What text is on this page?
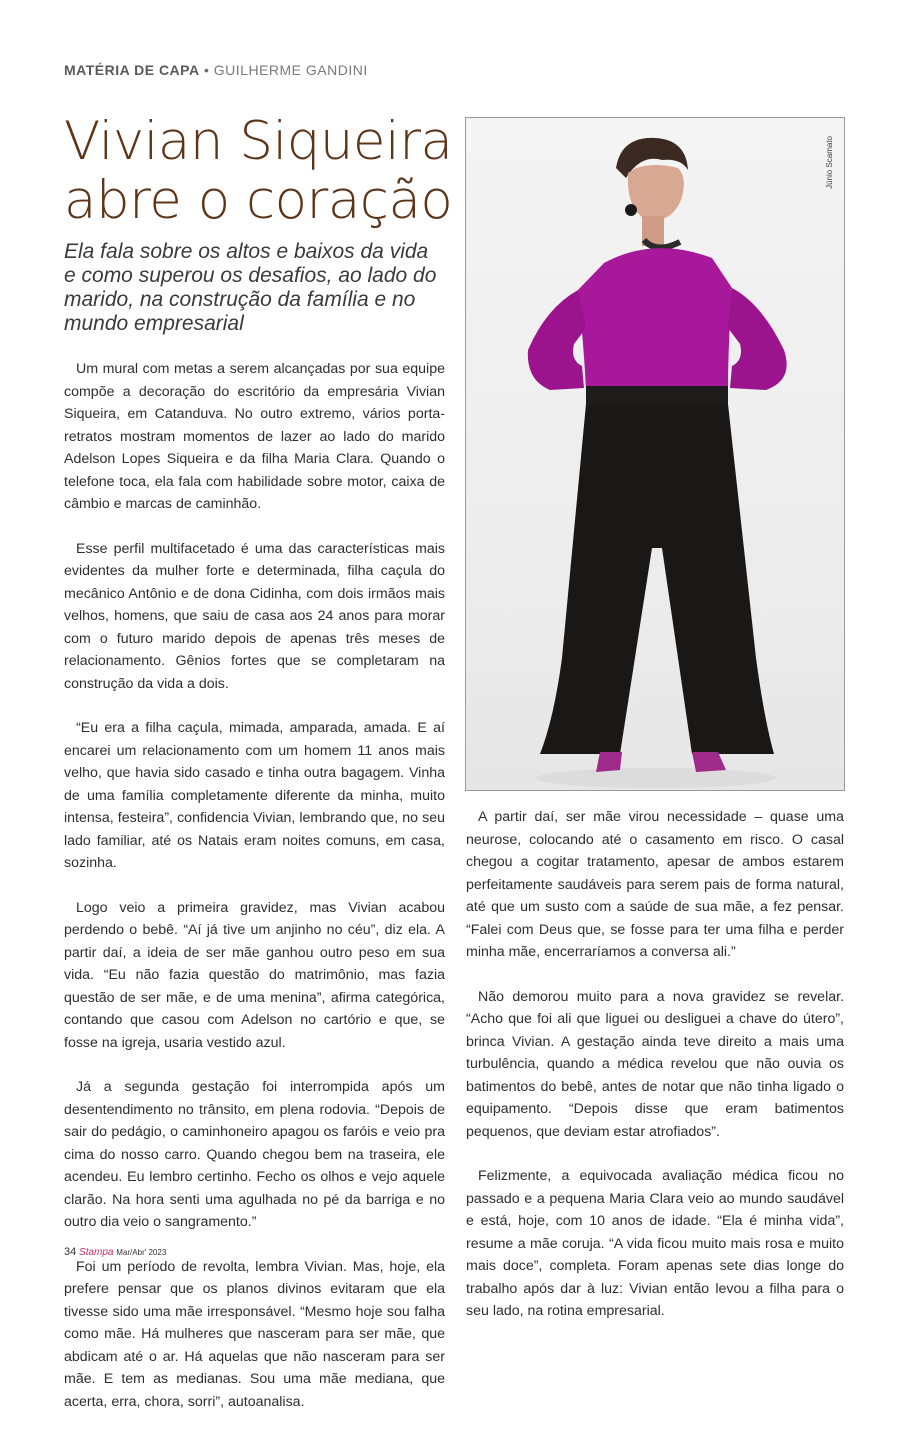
MATÉRIA DE CAPA • GUILHERME GANDINI
Vivian Siqueira
abre o coração

Ela fala sobre os altos e baixos da vida e como superou os desafios, ao lado do marido, na construção da família e no mundo empresarial

Um mural com metas a serem alcançadas por sua equipe compõe a decoração do escritório da empresária Vivian Siqueira, em Catanduva. No outro extremo, vários porta-retratos mostram momentos de lazer ao lado do marido Adelson Lopes Siqueira e da filha Maria Clara. Quando o telefone toca, ela fala com habilidade sobre motor, caixa de câmbio e marcas de caminhão.

Esse perfil multifacetado é uma das características mais evidentes da mulher forte e determinada, filha caçula do mecânico Antônio e de dona Cidinha, com dois irmãos mais velhos, homens, que saiu de casa aos 24 anos para morar com o futuro marido depois de apenas três meses de relacionamento. Gênios fortes que se completaram na construção da vida a dois.

“Eu era a filha caçula, mimada, amparada, amada. E aí encarei um relacionamento com um homem 11 anos mais velho, que havia sido casado e tinha outra bagagem. Vinha de uma família completamente diferente da minha, muito intensa, festeira”, confidencia Vivian, lembrando que, no seu lado familiar, até os Natais eram noites comuns, em casa, sozinha.

Logo veio a primeira gravidez, mas Vivian acabou perdendo o bebê. “Aí já tive um anjinho no céu”, diz ela. A partir daí, a ideia de ser mãe ganhou outro peso em sua vida. “Eu não fazia questão do matrimônio, mas fazia questão de ser mãe, e de uma menina”, afirma categórica, contando que casou com Adelson no cartório e que, se fosse na igreja, usaria vestido azul.

Já a segunda gestação foi interrompida após um desentendimento no trânsito, em plena rodovia. “Depois de sair do pedágio, o caminhoneiro apagou os faróis e veio pra cima do nosso carro. Quando chegou bem na traseira, ele acendeu. Eu lembro certinho. Fecho os olhos e vejo aquele clarão. Na hora senti uma agulhada no pé da barriga e no outro dia veio o sangramento.”

Foi um período de revolta, lembra Vivian. Mas, hoje, ela prefere pensar que os planos divinos evitaram que ela tivesse sido uma mãe irresponsável. “Mesmo hoje sou falha como mãe. Há mulheres que nasceram para ser mãe, que abdicam até o ar. Há aquelas que não nasceram para ser mãe. E tem as medianas. Sou uma mãe mediana, que acerta, erra, chora, sorri”, autoanalisa.

Júnio Scamato

A partir daí, ser mãe virou necessidade – quase uma neurose, colocando até o casamento em risco. O casal chegou a cogitar tratamento, apesar de ambos estarem perfeitamente saudáveis para serem pais de forma natural, até que um susto com a saúde de sua mãe, a fez pensar. “Falei com Deus que, se fosse para ter uma filha e perder minha mãe, encerraríamos a conversa ali.”

Não demorou muito para a nova gravidez se revelar. “Acho que foi ali que liguei ou desliguei a chave do útero”, brinca Vivian. A gestação ainda teve direito a mais uma turbulência, quando a médica revelou que não ouvia os batimentos do bebê, antes de notar que não tinha ligado o equipamento. “Depois disse que eram batimentos pequenos, que deviam estar atrofiados”.

Felizmente, a equivocada avaliação médica ficou no passado e a pequena Maria Clara veio ao mundo saudável e está, hoje, com 10 anos de idade. “Ela é minha vida”, resume a mãe coruja. “A vida ficou muito mais rosa e muito mais doce”, completa. Foram apenas sete dias longe do trabalho após dar à luz: Vivian então levou a filha para o seu lado, na rotina empresarial.

34 Stampa Mar/Abr' 2023
